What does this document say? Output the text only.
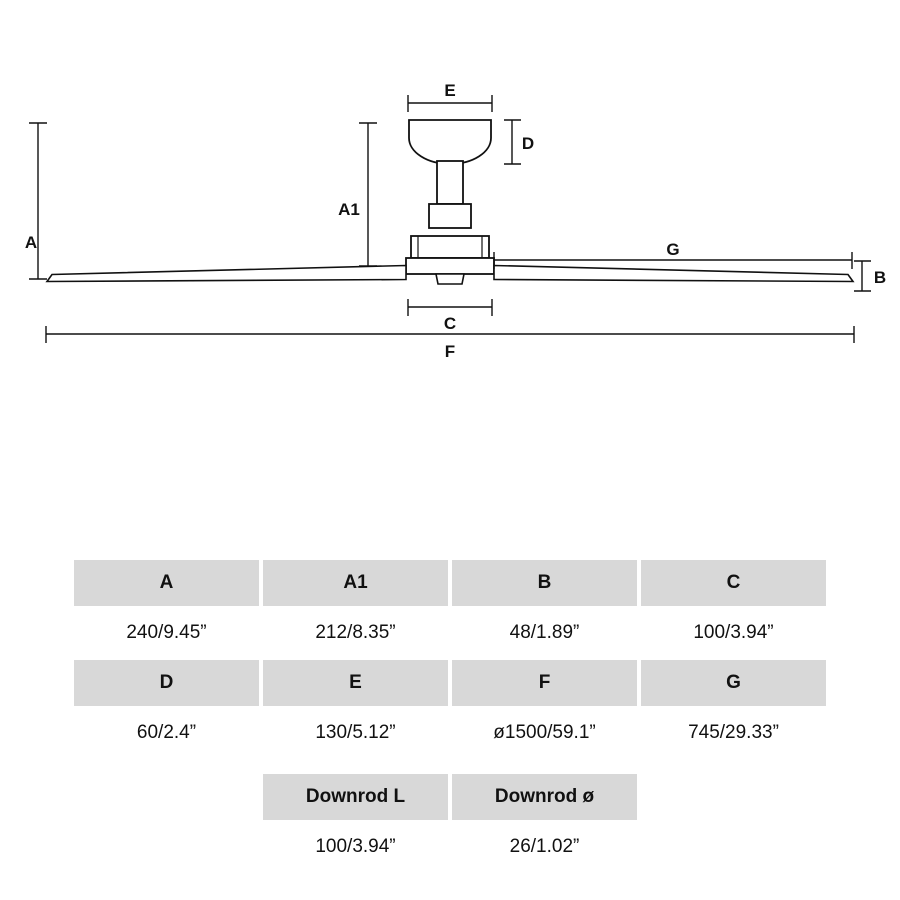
A
A1
B
C
D
E
F
G
A	A1	B	C
240/9.45”	212/8.35”	48/1.89”	100/3.94”
D	E	F	G
60/2.4”	130/5.12”	ø1500/59.1”	745/29.33”
Downrod L	Downrod ø
100/3.94”	26/1.02”
